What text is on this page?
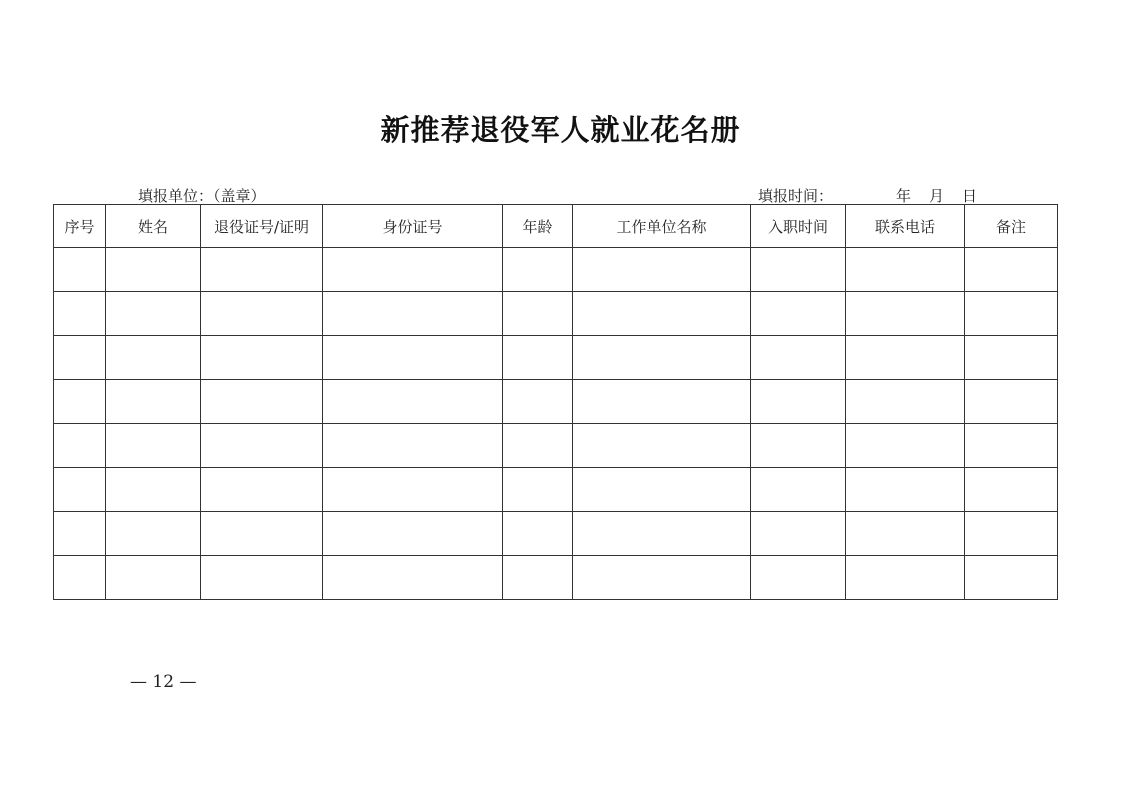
新推荐退役军人就业花名册
填报单位：（盖章）	填报时间：	年 月 日
序号	姓名	退役证号/证明	身份证号	年龄	工作单位名称	入职时间	联系电话	备注

— 12 —
